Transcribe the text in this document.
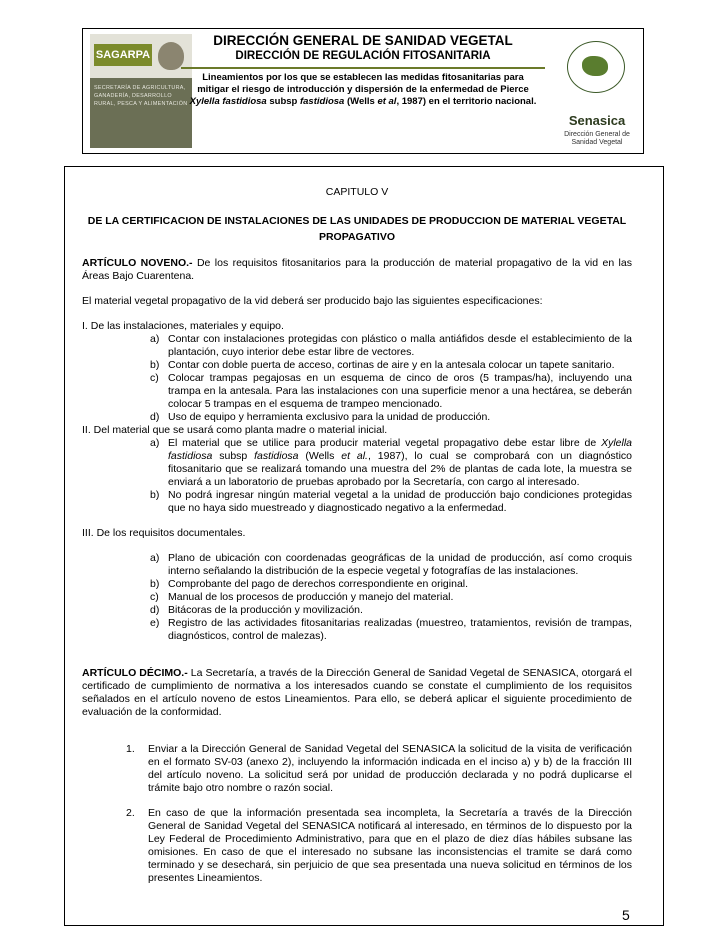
SAGARPA
SECRETARÍA DE AGRICULTURA, GANADERÍA, DESARROLLO RURAL, PESCA Y ALIMENTACIÓN
DIRECCIÓN GENERAL DE SANIDAD VEGETAL
DIRECCIÓN DE REGULACIÓN FITOSANITARIA
Lineamientos por los que se establecen las medidas fitosanitarias para
mitigar el riesgo de introducción y dispersión de la enfermedad de Pierce
Xylella fastidiosa subsp fastidiosa (Wells et al, 1987) en el territorio nacional.
Senasica
Dirección General de
Sanidad Vegetal
CAPITULO V
DE LA CERTIFICACION DE INSTALACIONES DE LAS UNIDADES DE PRODUCCION DE MATERIAL VEGETAL PROPAGATIVO

ARTÍCULO NOVENO.- De los requisitos fitosanitarios para la producción de material propagativo de la vid en las Áreas Bajo Cuarentena.

El material vegetal propagativo de la vid deberá ser producido bajo las siguientes especificaciones:

I. De las instalaciones, materiales y equipo.

a) Contar con instalaciones protegidas con plástico o malla antiáfidos desde el establecimiento de la plantación, cuyo interior debe estar libre de vectores.
b) Contar con doble puerta de acceso, cortinas de aire y en la antesala colocar un tapete sanitario.
c) Colocar trampas pegajosas en un esquema de cinco de oros (5 trampas/ha), incluyendo una trampa en la antesala. Para las instalaciones con una superficie menor a una hectárea, se deberán colocar 5 trampas en el esquema de trampeo mencionado.
d) Uso de equipo y herramienta exclusivo para la unidad de producción.

II. Del material que se usará como planta madre o material inicial.

a) El material que se utilice para producir material vegetal propagativo debe estar libre de Xylella fastidiosa subsp fastidiosa (Wells et al., 1987), lo cual se comprobará con un diagnóstico fitosanitario que se realizará tomando una muestra del 2% de plantas de cada lote, la muestra se enviará a un laboratorio de pruebas aprobado por la Secretaría, con cargo al interesado.
b) No podrá ingresar ningún material vegetal a la unidad de producción bajo condiciones protegidas que no haya sido muestreado y diagnosticado negativo a la enfermedad.

III. De los requisitos documentales.

a) Plano de ubicación con coordenadas geográficas de la unidad de producción, así como croquis interno señalando la distribución de la especie vegetal y fotografías de las instalaciones.
b) Comprobante del pago de derechos correspondiente en original.
c) Manual de los procesos de producción y manejo del material.
d) Bitácoras de la producción y movilización.
e) Registro de las actividades fitosanitarias realizadas (muestreo, tratamientos, revisión de trampas, diagnósticos, control de malezas).

ARTÍCULO DÉCIMO.- La Secretaría, a través de la Dirección General de Sanidad Vegetal de SENASICA, otorgará el certificado de cumplimiento de normativa a los interesados cuando se constate el cumplimiento de los requisitos señalados en el artículo noveno de estos Lineamientos. Para ello, se deberá aplicar el siguiente procedimiento de evaluación de la conformidad.

1.	Enviar a la Dirección General de Sanidad Vegetal del SENASICA la solicitud de la visita de verificación en el formato SV-03 (anexo 2), incluyendo la información indicada en el inciso a) y b) de la fracción III del artículo noveno. La solicitud será por unidad de producción declarada y no podrá duplicarse el trámite bajo otro nombre o razón social.
2.	En caso de que la información presentada sea incompleta, la Secretaría a través de la Dirección General de Sanidad Vegetal del SENASICA notificará al interesado, en términos de lo dispuesto por la Ley Federal de Procedimiento Administrativo, para que en el plazo de diez días hábiles subsane las omisiones. En caso de que el interesado no subsane las inconsistencias el tramite se dará como terminado y se desechará, sin perjuicio de que sea presentada una nueva solicitud en términos de los presentes Lineamientos.
5
